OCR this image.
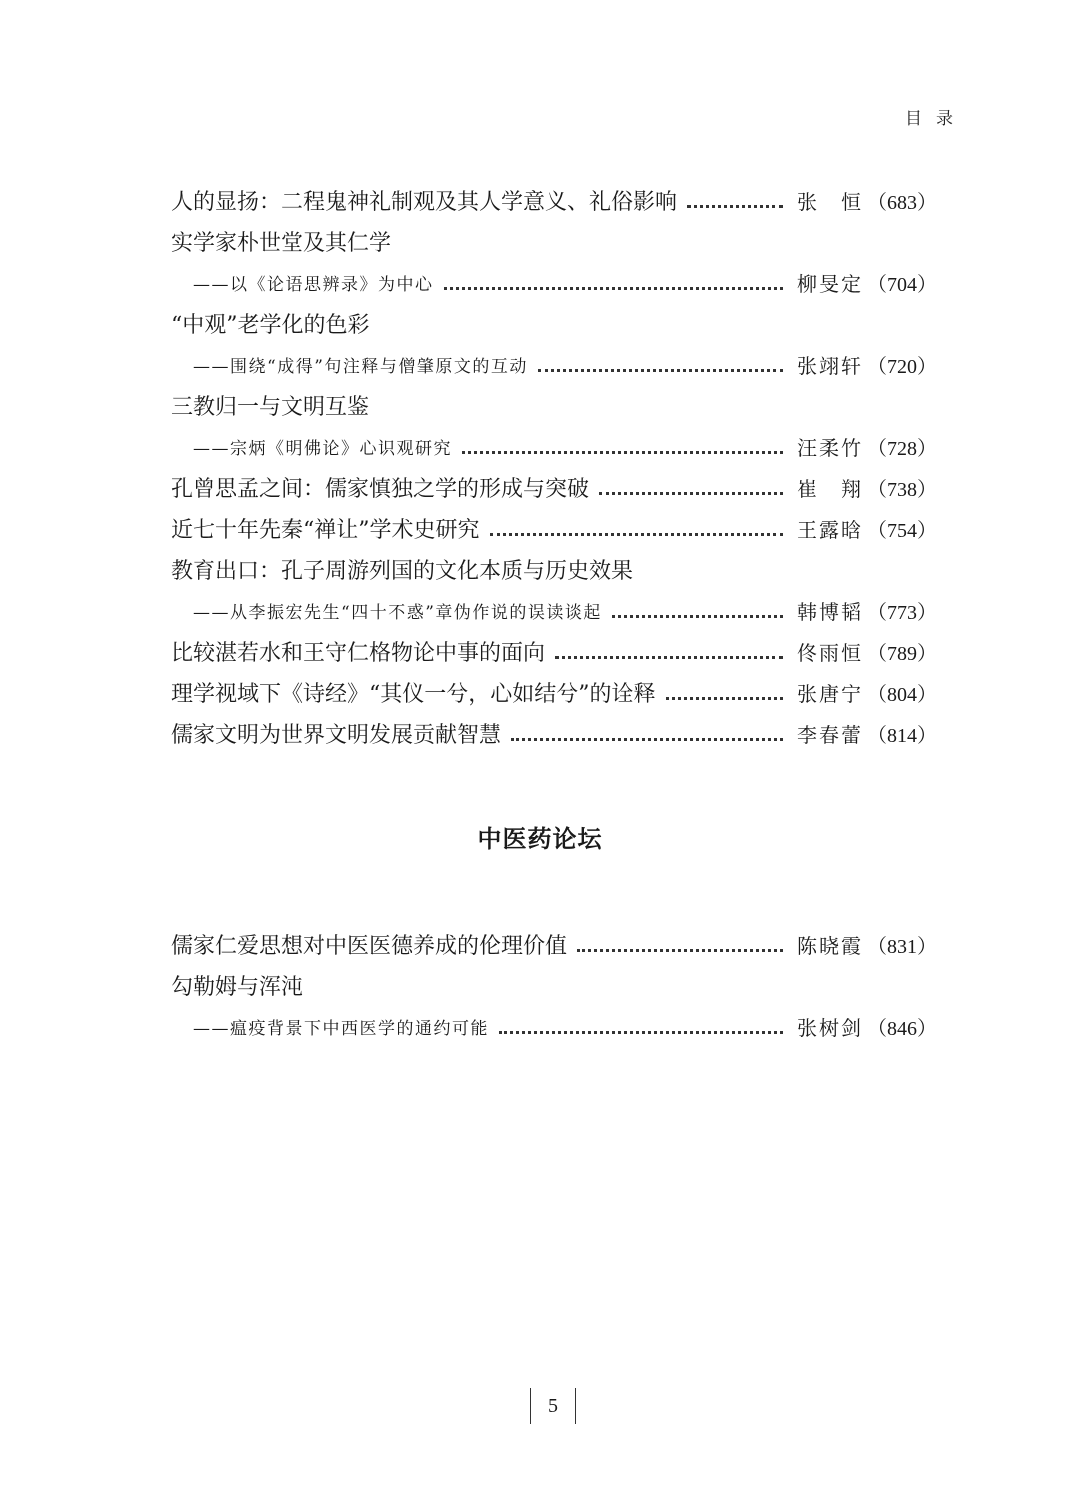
目录
人的显扬：二程鬼神礼制观及其人学意义、礼俗影响	张　恒 （683）
实学家朴世堂及其仁学
——以《论语思辨录》为中心	柳旻定 （704）
“中观”老学化的色彩
——围绕“成得”句注释与僧肇原文的互动	张翊轩 （720）
三教归一与文明互鉴
——宗炳《明佛论》心识观研究	汪柔竹 （728）
孔曾思孟之间：儒家慎独之学的形成与突破	崔　翔 （738）
近七十年先秦“禅让”学术史研究	王露晗 （754）
教育出口：孔子周游列国的文化本质与历史效果
——从李振宏先生“四十不惑”章伪作说的误读谈起	韩博韬 （773）
比较湛若水和王守仁格物论中事的面向	佟雨恒 （789）
理学视域下《诗经》“其仪一兮，心如结兮”的诠释	张唐宁 （804）
儒家文明为世界文明发展贡献智慧	李春蕾 （814）
中医药论坛
儒家仁爱思想对中医医德养成的伦理价值	陈晓霞 （831）
勾勒姆与浑沌
——瘟疫背景下中西医学的通约可能	张树剑 （846）
5
